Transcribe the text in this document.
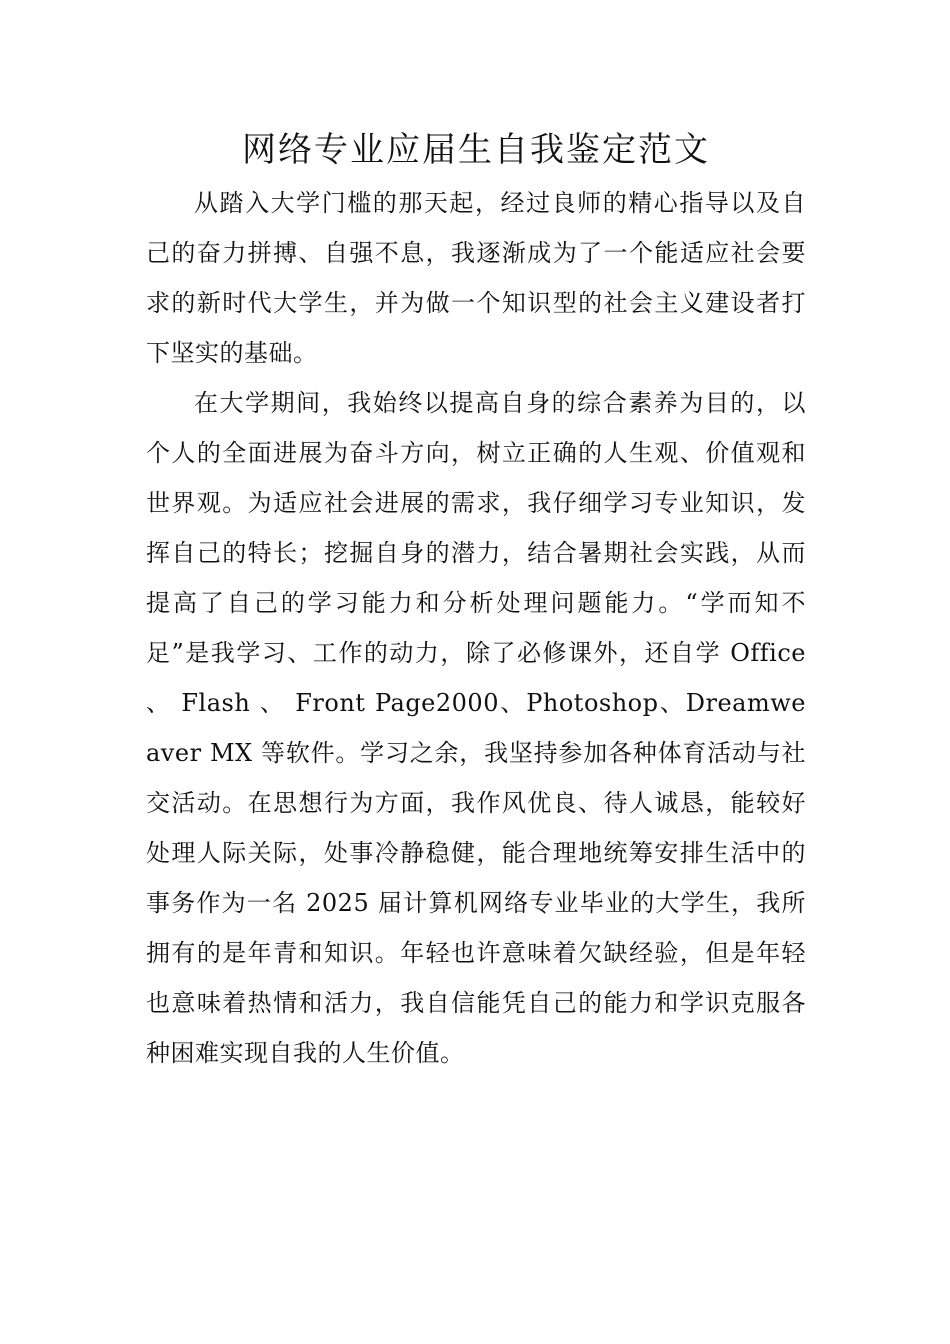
网络专业应届生自我鉴定范文

从踏入大学门槛的那天起，经过良师的精心指导以及自己的奋力拼搏、自强不息，我逐渐成为了一个能适应社会要求的新时代大学生，并为做一个知识型的社会主义建设者打下坚实的基础。

在大学期间，我始终以提高自身的综合素养为目的，以个人的全面进展为奋斗方向，树立正确的人生观、价值观和世界观。为适应社会进展的需求，我仔细学习专业知识，发挥自己的特长；挖掘自身的潜力，结合暑期社会实践，从而提高了自己的学习能力和分析处理问题能力。“学而知不足”是我学习、工作的动力，除了必修课外，还自学 Office 、 Flash 、 Front Page2000、Photoshop、Dreamweaver MX 等软件。学习之余，我坚持参加各种体育活动与社交活动。在思想行为方面，我作风优良、待人诚恳，能较好处理人际关际，处事冷静稳健，能合理地统筹安排生活中的事务作为一名 2025 届计算机网络专业毕业的大学生，我所拥有的是年青和知识。年轻也许意味着欠缺经验，但是年轻也意味着热情和活力，我自信能凭自己的能力和学识克服各种困难实现自我的人生价值。
